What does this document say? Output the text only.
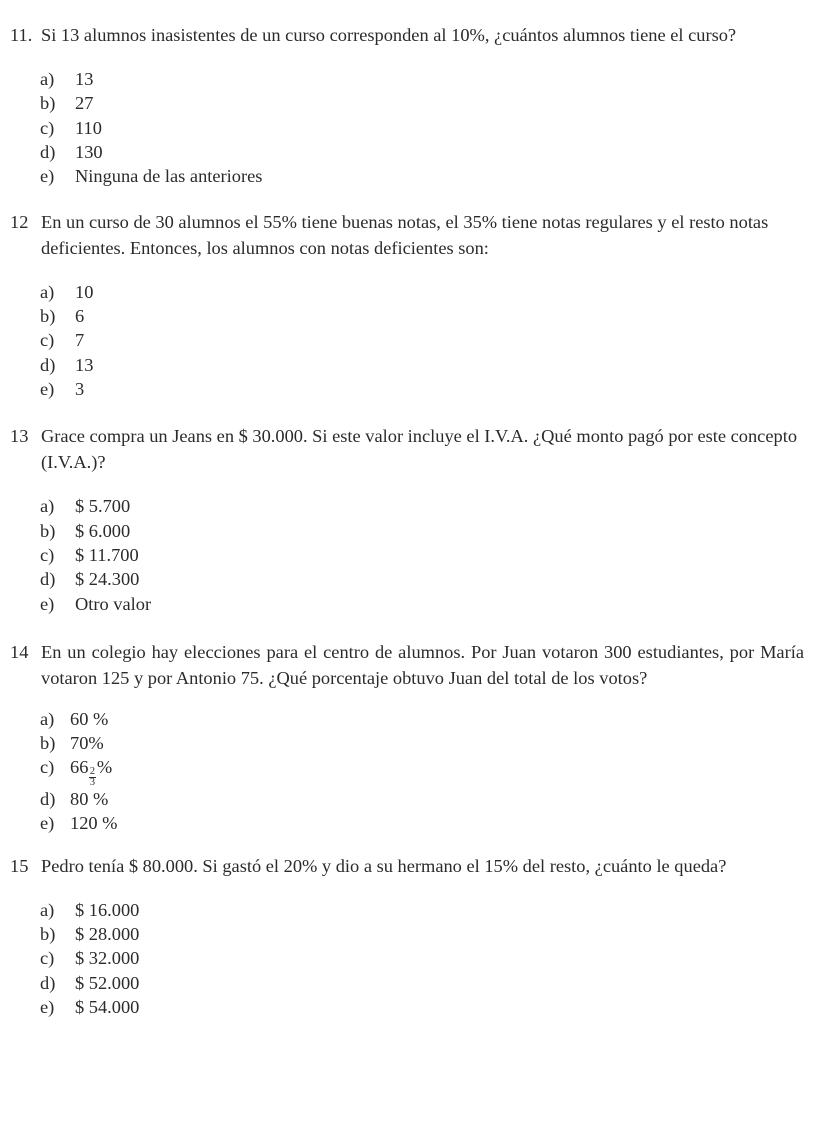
11. Si 13 alumnos inasistentes de un curso corresponden al 10%, ¿cuántos alumnos tiene el curso?
a)	13
b)	27
c)	110
d)	130
e)	Ninguna de las anteriores
12 En un curso de 30 alumnos el 55% tiene buenas notas, el 35% tiene notas regulares y el resto notas deficientes. Entonces, los alumnos con notas deficientes son:
a)	10
b)	6
c)	7
d)	13
e)	3
13 Grace compra un Jeans en $ 30.000. Si este valor incluye el I.V.A. ¿Qué monto pagó por este concepto (I.V.A.)?
a)	$ 5.700
b)	$ 6.000
c)	$ 11.700
d)	$ 24.300
e)	Otro valor
14 En un colegio hay elecciones para el centro de alumnos. Por Juan votaron 300 estudiantes, por María votaron 125 y por Antonio 75. ¿Qué porcentaje obtuvo Juan del total de los votos?
a) 60 %
b) 70%
c) $66 \frac{2}{3}$ %
d) 80 %
e) 120 %
15 Pedro tenía $ 80.000. Si gastó el 20% y dio a su hermano el 15% del resto, ¿cuánto le queda?
a)	$ 16.000
b)	$ 28.000
c)	$ 32.000
d)	$ 52.000
e)	$ 54.000
